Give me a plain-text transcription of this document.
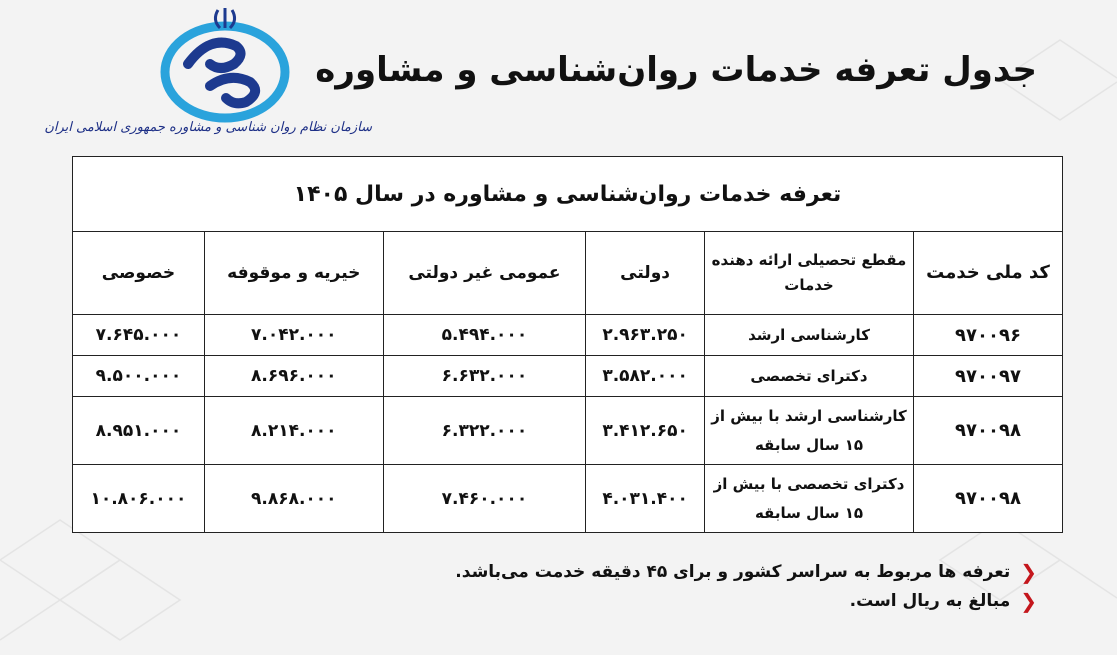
سازمان نظام روان شناسی و مشاوره جمهوری اسلامی ایران
جدول تعرفه خدمات روان‌شناسی و مشاوره
تعرفه خدمات روان‌شناسی و مشاوره در سال ۱۴۰۵					
کد ملی خدمت	مقطع تحصیلی ارائه دهنده خدمات	دولتی	عمومی غیر دولتی	خیریه و موقوفه	خصوصی
۹۷۰۰۹۶	کارشناسی ارشد	۲.۹۶۳.۲۵۰	۵.۴۹۴.۰۰۰	۷.۰۴۲.۰۰۰	۷.۶۴۵.۰۰۰
۹۷۰۰۹۷	دکترای تخصصی	۳.۵۸۲.۰۰۰	۶.۶۳۲.۰۰۰	۸.۶۹۶.۰۰۰	۹.۵۰۰.۰۰۰
۹۷۰۰۹۸	کارشناسی ارشد با بیش از ۱۵ سال سابقه	۳.۴۱۲.۶۵۰	۶.۳۲۲.۰۰۰	۸.۲۱۴.۰۰۰	۸.۹۵۱.۰۰۰
۹۷۰۰۹۸	دکترای تخصصی با بیش از ۱۵ سال سابقه	۴.۰۳۱.۴۰۰	۷.۴۶۰.۰۰۰	۹.۸۶۸.۰۰۰	۱۰.۸۰۶.۰۰۰
❮
تعرفه ها مربوط به سراسر کشور و برای ۴۵ دقیقه خدمت می‌باشد.
❮
مبالغ به ریال است.
